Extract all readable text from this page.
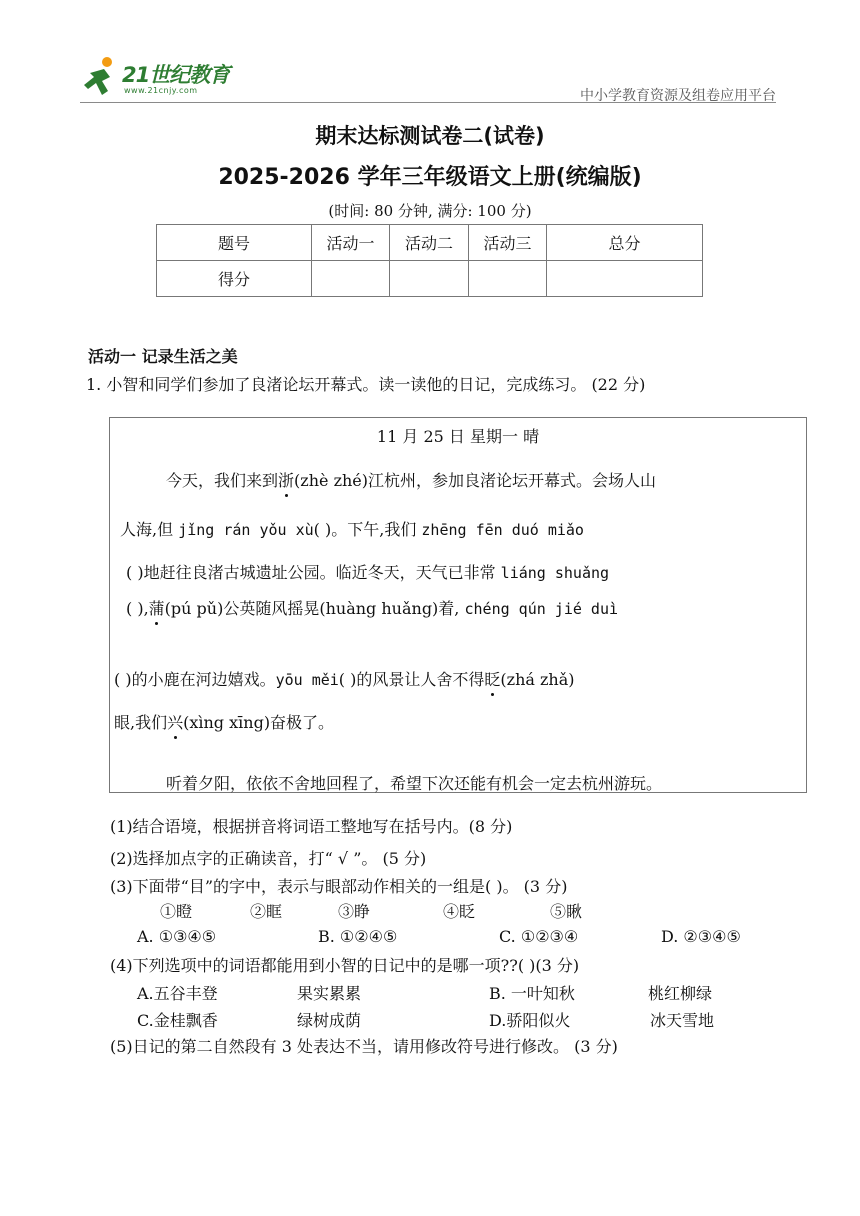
21世纪教育
www.21cnjy.com	中小学教育资源及组卷应用平台
期末达标测试卷二(试卷)
2025-2026 学年三年级语文上册(统编版)
(时间: 80 分钟, 满分: 100 分)
题号	活动一	活动二	活动三	总分
得分				
活动一 记录生活之美
1. 小智和同学们参加了良渚论坛开幕式。读一读他的日记，完成练习。 (22 分)
11 月 25 日 星期一 晴
今天，我们来到浙(zhè zhé)江杭州，参加良渚论坛开幕式。会场人山
人海,但 jǐng rán yǒu xù( )。下午,我们 zhēng fēn duó miǎo
( )地赶往良渚古城遗址公园。临近冬天，天气已非常 liáng shuǎng
( ),蒲(pú pǔ)公英随风摇晃(huàng huǎng)着, chéng qún jié duì
( )的小鹿在河边嬉戏。yōu měi( )的风景让人舍不得眨(zhá zhǎ)
眼,我们兴(xìng xīng)奋极了。
听着夕阳，依依不舍地回程了，希望下次还能有机会一定去杭州游玩。
(1)结合语境，根据拼音将词语工整地写在括号内。(8 分)
(2)选择加点字的正确读音，打“ √ ”。 (5 分)
(3)下面带“目”的字中，表示与眼部动作相关的一组是( )。 (3 分)
①瞪	②眶	③睁	④眨	⑤瞅
A. ①③④⑤	B. ①②④⑤	C. ①②③④	D. ②③④⑤
(4)下列选项中的词语都能用到小智的日记中的是哪一项??( )(3 分)
A.五谷丰登	果实累累	B. 一叶知秋	桃红柳绿
C.金桂飘香	绿树成荫	D.骄阳似火	冰天雪地
(5)日记的第二自然段有 3 处表达不当，请用修改符号进行修改。 (3 分)
